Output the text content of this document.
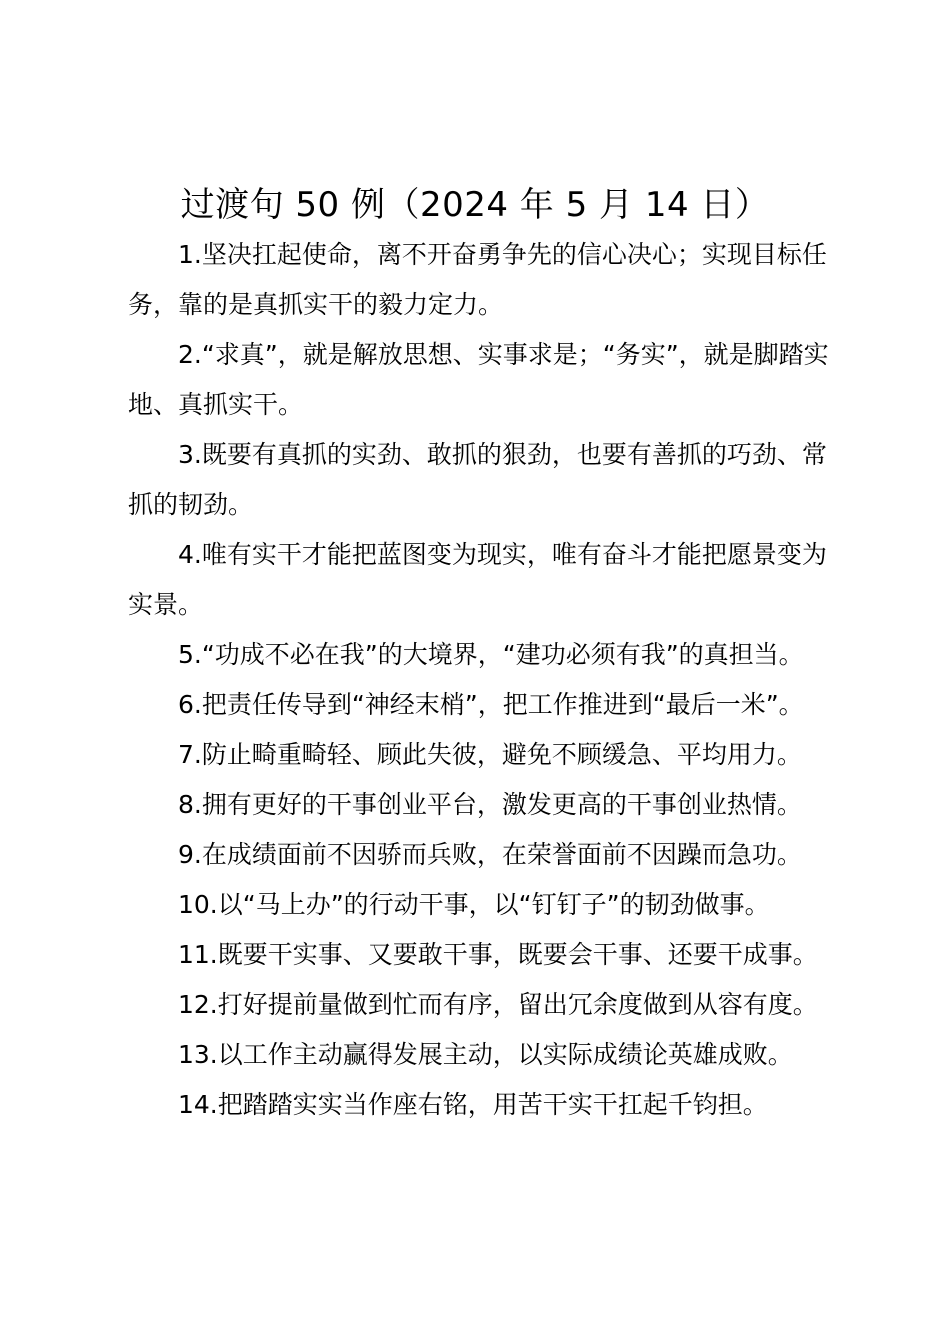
过渡句 50 例（2024 年 5 月 14 日）

1.坚决扛起使命，离不开奋勇争先的信心决心；实现目标任务，靠的是真抓实干的毅力定力。

2.“求真”，就是解放思想、实事求是；“务实”，就是脚踏实地、真抓实干。

3.既要有真抓的实劲、敢抓的狠劲，也要有善抓的巧劲、常抓的韧劲。

4.唯有实干才能把蓝图变为现实，唯有奋斗才能把愿景变为实景。

5.“功成不必在我”的大境界，“建功必须有我”的真担当。

6.把责任传导到“神经末梢”，把工作推进到“最后一米”。

7.防止畸重畸轻、顾此失彼，避免不顾缓急、平均用力。

8.拥有更好的干事创业平台，激发更高的干事创业热情。

9.在成绩面前不因骄而兵败，在荣誉面前不因躁而急功。

10.以“马上办”的行动干事，以“钉钉子”的韧劲做事。

11.既要干实事、又要敢干事，既要会干事、还要干成事。

12.打好提前量做到忙而有序，留出冗余度做到从容有度。

13.以工作主动赢得发展主动，以实际成绩论英雄成败。

14.把踏踏实实当作座右铭，用苦干实干扛起千钧担。
